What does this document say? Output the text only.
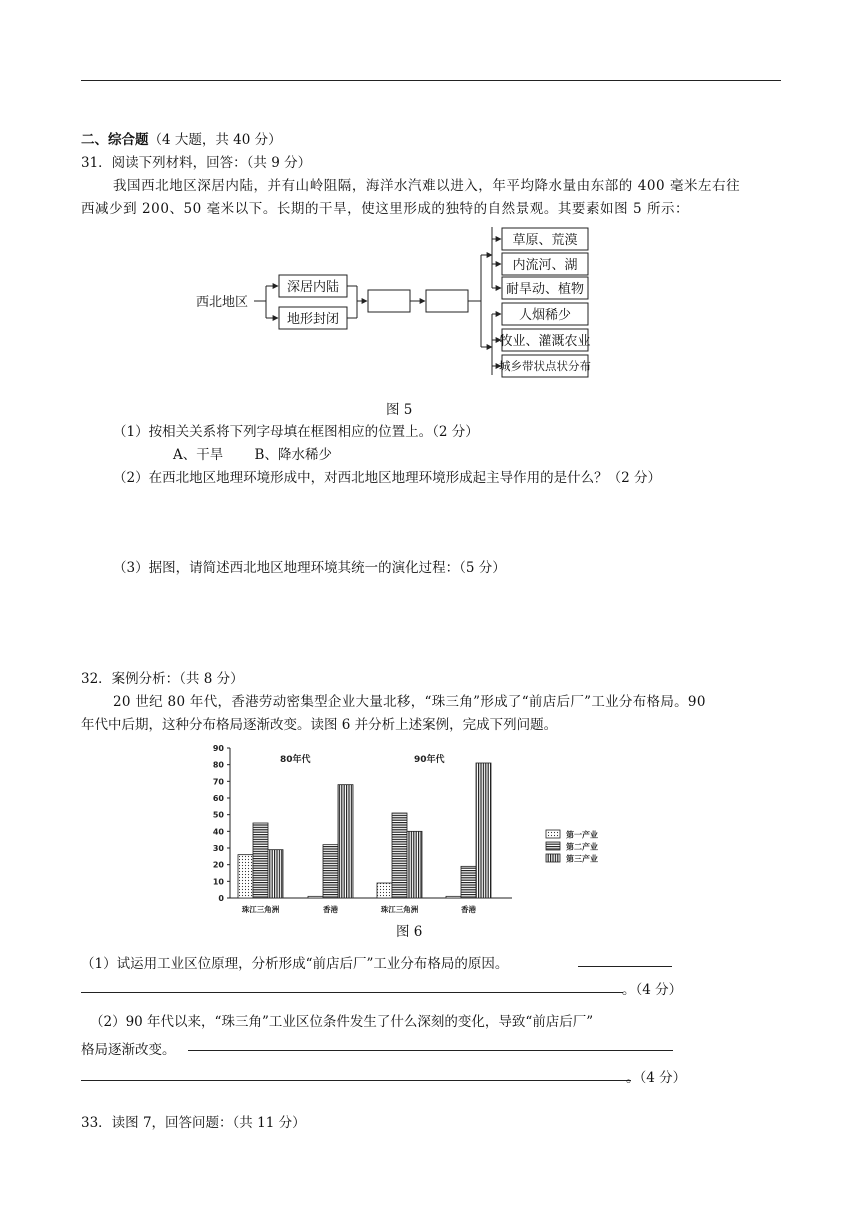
二、综合题（4 大题，共 40 分）
31．阅读下列材料，回答：（共 9 分）
我国西北地区深居内陆，并有山岭阻隔，海洋水汽难以进入，年平均降水量由东部的 400 毫米左右往
西减少到 200、50 毫米以下。长期的干旱，使这里形成的独特的自然景观。其要素如图 5 所示：
西北地区
深居内陆
地形封闭
草原、荒漠
内流河、湖
耐旱动、植物
人烟稀少
牧业、灌溉农业
城乡带状点状分布
图 5
（1）按相关关系将下列字母填在框图相应的位置上。（2 分）
A、干旱　　 B、降水稀少
（2）在西北地区地理环境形成中，对西北地区地理环境形成起主导作用的是什么？（2 分）
（3）据图，请简述西北地区地理环境其统一的演化过程：（5 分）
32．案例分析：（共 8 分）
20 世纪 80 年代，香港劳动密集型企业大量北移，“珠三角”形成了“前店后厂”工业分布格局。90
年代中后期，这种分布格局逐渐改变。读图 6 并分析上述案例，完成下列问题。
0
10
20
30
40
50
60
70
80
90
珠江三角洲	香港	珠江三角洲	香港
80年代	90年代
第一产业
第二产业
第三产业
图 6
（1）试运用工业区位原理，分析形成“前店后厂”工业分布格局的原因。
。（4 分）
（2）90 年代以来，“珠三角”工业区位条件发生了什么深刻的变化，导致“前店后厂”
格局逐渐改变。
。（4 分）
33．读图 7，回答问题：（共 11 分）
